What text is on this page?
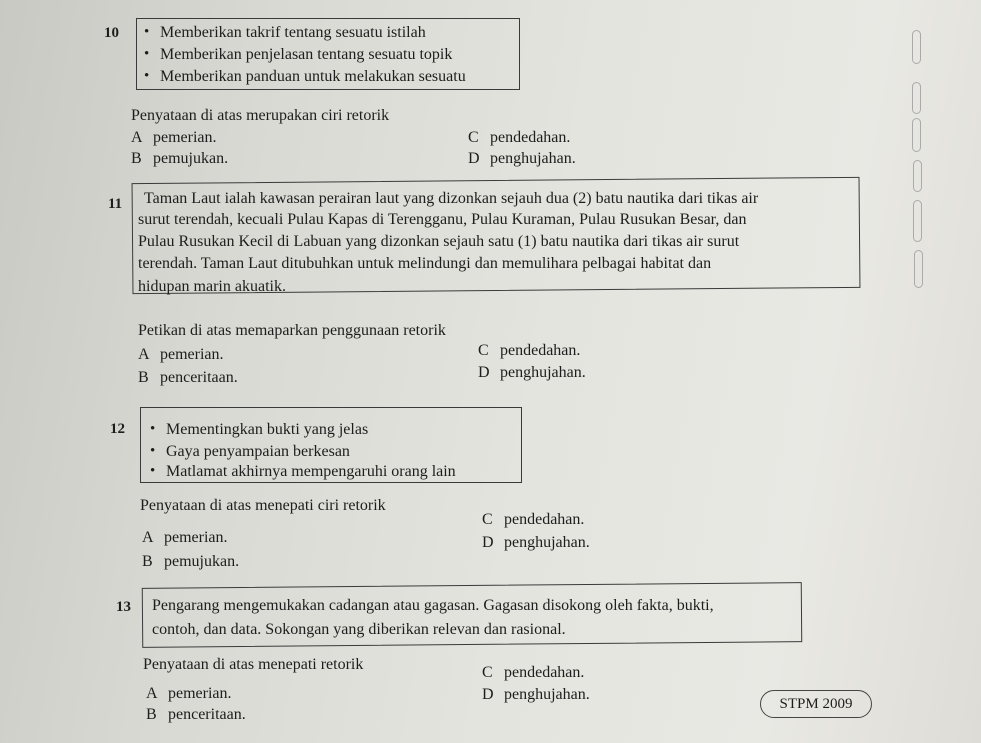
10	• Memberikan takrif tentang sesuatu istilah
• Memberikan penjelasan tentang sesuatu topik
• Memberikan panduan untuk melakukan sesuatu
Penyataan di atas merupakan ciri retorik
A pemerian.
B pemujukan.
C pendedahan.
D penghujahan.
11 Taman Laut ialah kawasan perairan laut yang dizonkan sejauh dua (2) batu nautika dari tikas air
surut terendah, kecuali Pulau Kapas di Terengganu, Pulau Kuraman, Pulau Rusukan Besar, dan
Pulau Rusukan Kecil di Labuan yang dizonkan sejauh satu (1) batu nautika dari tikas air surut
terendah. Taman Laut ditubuhkan untuk melindungi dan memulihara pelbagai habitat dan
hidupan marin akuatik.
Petikan di atas memaparkan penggunaan retorik
A pemerian.
B penceritaan.
C pendedahan.
D penghujahan.
12	• Mementingkan bukti yang jelas
• Gaya penyampaian berkesan
• Matlamat akhirnya mempengaruhi orang lain
Penyataan di atas menepati ciri retorik
A pemerian.
B pemujukan.
C pendedahan.
D penghujahan.
13 Pengarang mengemukakan cadangan atau gagasan. Gagasan disokong oleh fakta, bukti,
contoh, dan data. Sokongan yang diberikan relevan dan rasional.
Penyataan di atas menepati retorik
A pemerian.
B penceritaan.
C pendedahan.
D penghujahan.
STPM 2009
